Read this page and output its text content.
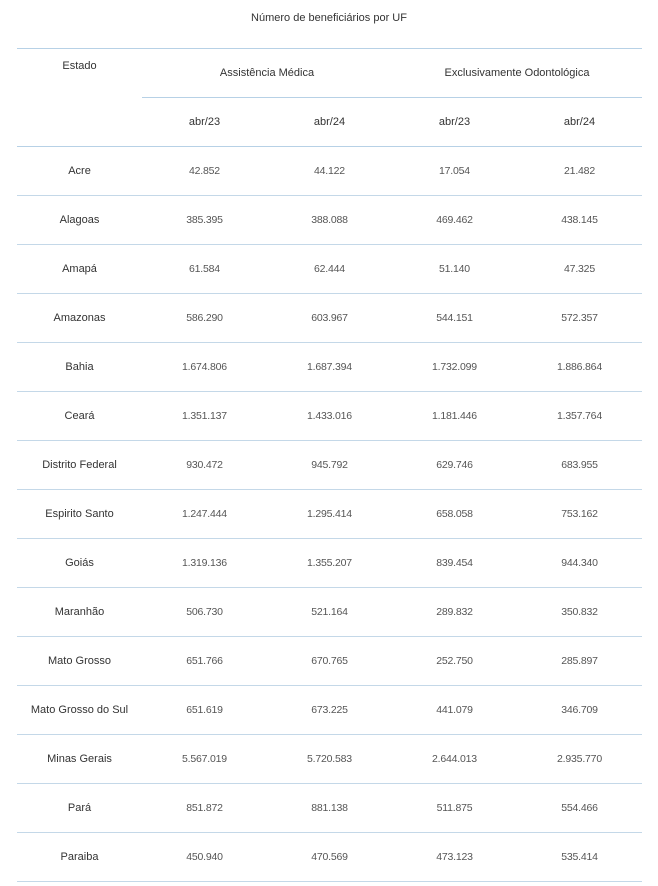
Número de beneficiários por UF
Estado	Assistência Médica		Exclusivamente Odontológica	
	abr/23	abr/24	abr/23	abr/24
Acre	42.852	44.122	17.054	21.482
Alagoas	385.395	388.088	469.462	438.145
Amapá	61.584	62.444	51.140	47.325
Amazonas	586.290	603.967	544.151	572.357
Bahia	1.674.806	1.687.394	1.732.099	1.886.864
Ceará	1.351.137	1.433.016	1.181.446	1.357.764
Distrito Federal	930.472	945.792	629.746	683.955
Espirito Santo	1.247.444	1.295.414	658.058	753.162
Goiás	1.319.136	1.355.207	839.454	944.340
Maranhão	506.730	521.164	289.832	350.832
Mato Grosso	651.766	670.765	252.750	285.897
Mato Grosso do Sul	651.619	673.225	441.079	346.709
Minas Gerais	5.567.019	5.720.583	2.644.013	2.935.770
Pará	851.872	881.138	511.875	554.466
Paraiba	450.940	470.569	473.123	535.414
